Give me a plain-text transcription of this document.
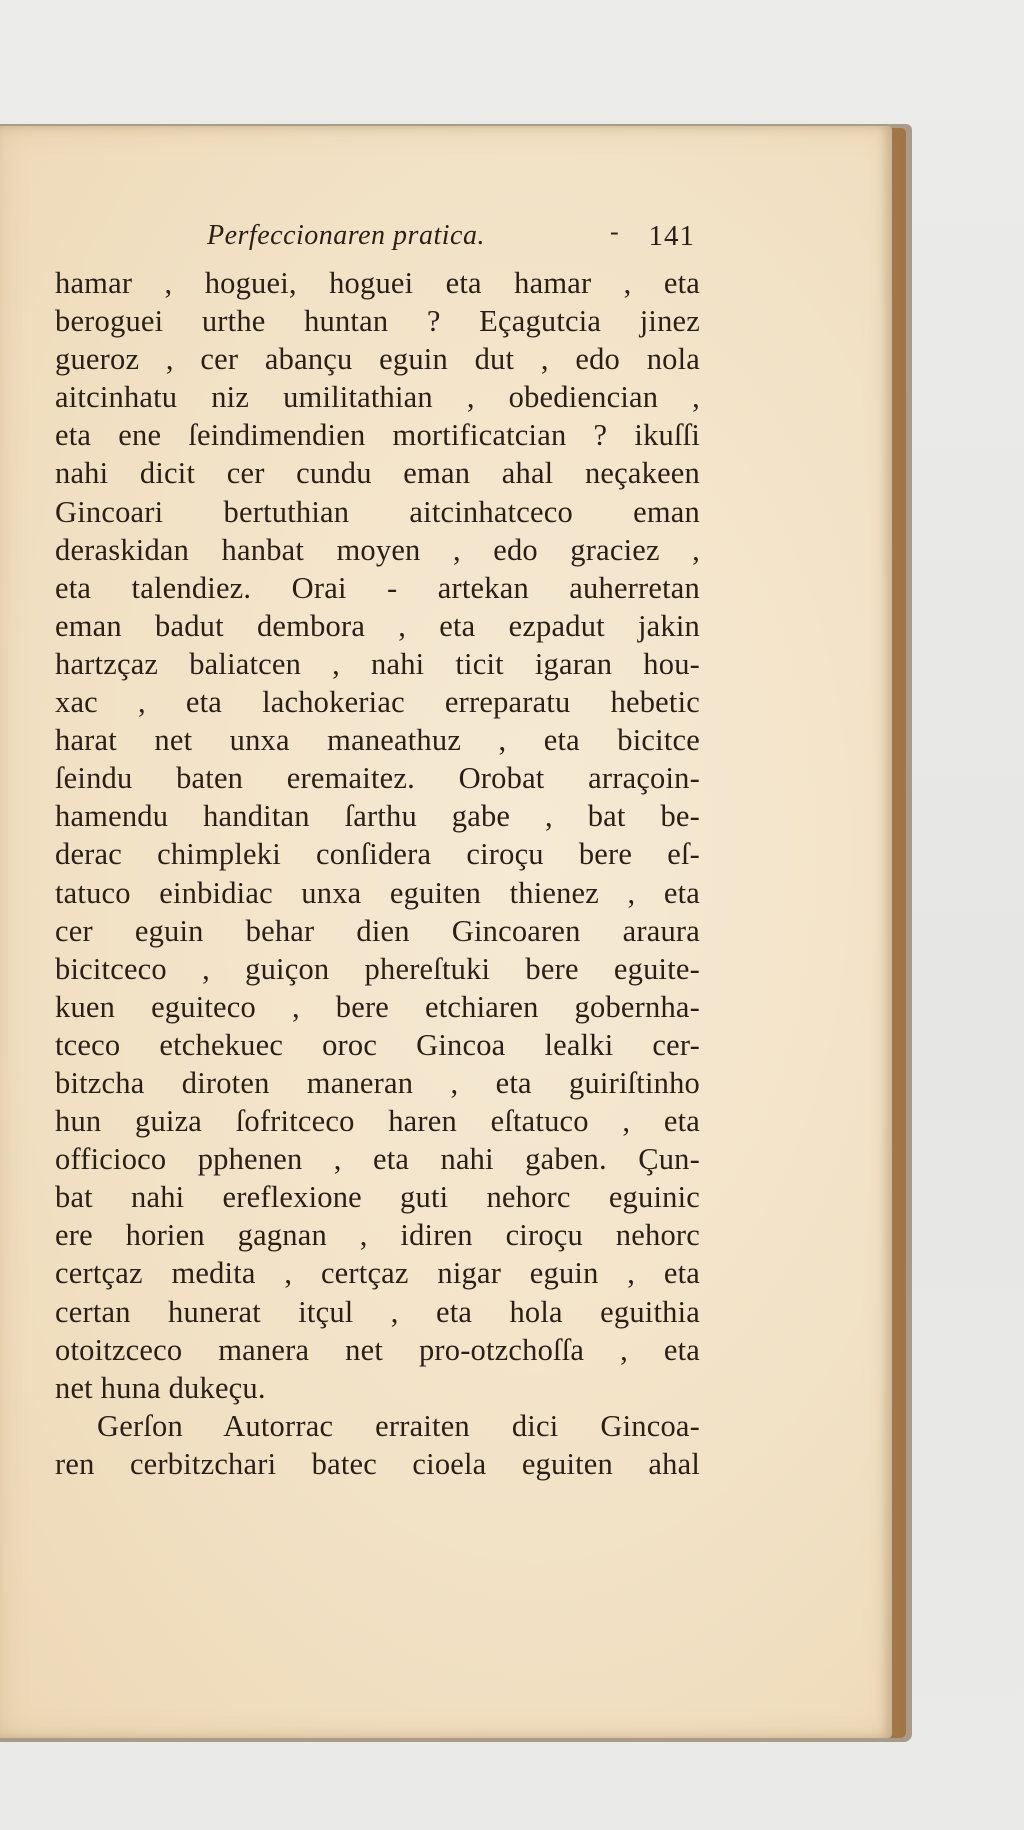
Perfeccionaren pratica.	- 141
hamar , hoguei, hoguei eta hamar , eta
beroguei urthe huntan ? Eçagutcia jinez
gueroz , cer abançu eguin dut , edo nola
aitcinhatu niz umilitathian , obediencian ,
eta ene ſeindimendien mortificatcian ? ikuſſi
nahi dicit cer cundu eman ahal neçakeen
Gincoari bertuthian aitcinhatceco eman
deraskidan hanbat moyen , edo graciez ,
eta talendiez. Orai - artekan auherretan
eman badut dembora , eta ezpadut jakin
hartzçaz baliatcen , nahi ticit igaran hou-
xac , eta lachokeriac erreparatu hebetic
harat net unxa maneathuz , eta bicitce
ſeindu baten eremaitez. Orobat arraçoin-
hamendu handitan ſarthu gabe , bat be-
derac chimpleki conſidera ciroçu bere eſ-
tatuco einbidiac unxa eguiten thienez , eta
cer eguin behar dien Gincoaren araura
bicitceco , guiçon phereſtuki bere eguite-
kuen eguiteco , bere etchiaren gobernha-
tceco etchekuec oroc Gincoa lealki cer-
bitzcha diroten maneran , eta guiriſtinho
hun guiza ſofritceco haren eſtatuco , eta
officioco pphenen , eta nahi gaben. Çun-
bat nahi ereflexione guti nehorc eguinic
ere horien gagnan , idiren ciroçu nehorc
certçaz medita , certçaz nigar eguin , eta
certan hunerat itçul , eta hola eguithia
otoitzceco manera net pro-otzchoſſa , eta
net huna dukeçu.
Gerſon Autorrac erraiten dici Gincoa-
ren cerbitzchari batec cioela eguiten ahal
